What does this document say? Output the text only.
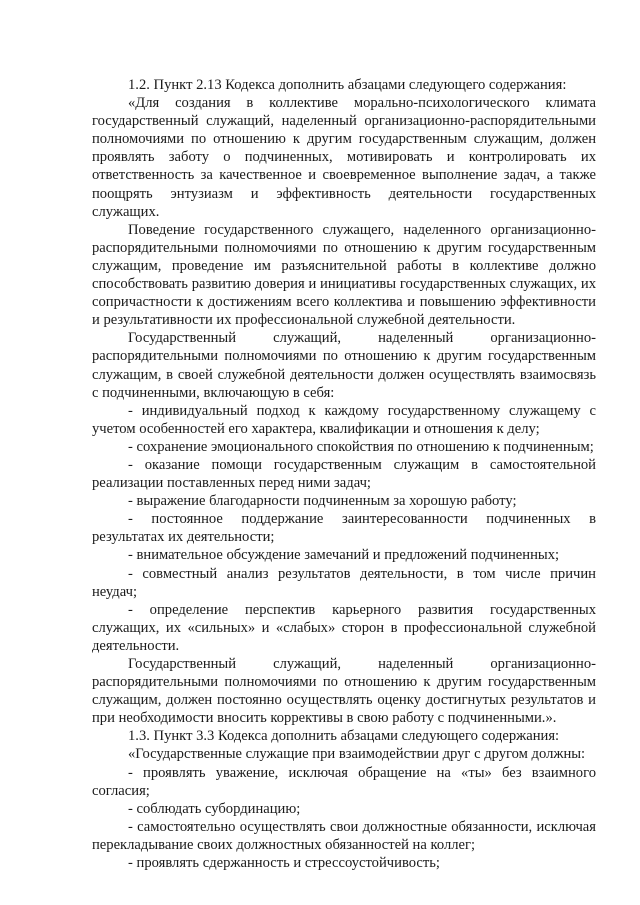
1.2. Пункт 2.13 Кодекса дополнить абзацами следующего содержания:

«Для создания в коллективе морально-психологического климата государственный служащий, наделенный организационно-распорядительными полномочиями по отношению к другим государственным служащим, должен проявлять заботу о подчиненных, мотивировать и контролировать их ответственность за качественное и своевременное выполнение задач, а также поощрять энтузиазм и эффективность деятельности государственных служащих.

Поведение государственного служащего, наделенного организационно-распорядительными полномочиями по отношению к другим государственным служащим, проведение им разъяснительной работы в коллективе должно способствовать развитию доверия и инициативы государственных служащих, их сопричастности к достижениям всего коллектива и повышению эффективности и результативности их профессиональной служебной деятельности.

Государственный служащий, наделенный организационно-распорядительными полномочиями по отношению к другим государственным служащим, в своей служебной деятельности должен осуществлять взаимосвязь с подчиненными, включающую в себя:

- индивидуальный подход к каждому государственному служащему с учетом особенностей его характера, квалификации и отношения к делу;

- сохранение эмоционального спокойствия по отношению к подчиненным;

- оказание помощи государственным служащим в самостоятельной реализации поставленных перед ними задач;

- выражение благодарности подчиненным за хорошую работу;

- постоянное поддержание заинтересованности подчиненных в результатах их деятельности;

- внимательное обсуждение замечаний и предложений подчиненных;

- совместный анализ результатов деятельности, в том числе причин неудач;

- определение перспектив карьерного развития государственных служащих, их «сильных» и «слабых» сторон в профессиональной служебной деятельности.

Государственный служащий, наделенный организационно-распорядительными полномочиями по отношению к другим государственным служащим, должен постоянно осуществлять оценку достигнутых результатов и при необходимости вносить коррективы в свою работу с подчиненными.».

1.3. Пункт 3.3 Кодекса дополнить абзацами следующего содержания:

«Государственные служащие при взаимодействии друг с другом должны:

- проявлять уважение, исключая обращение на «ты» без взаимного согласия;

- соблюдать субординацию;

- самостоятельно осуществлять свои должностные обязанности, исключая перекладывание своих должностных обязанностей на коллег;

- проявлять сдержанность и стрессоустойчивость;
